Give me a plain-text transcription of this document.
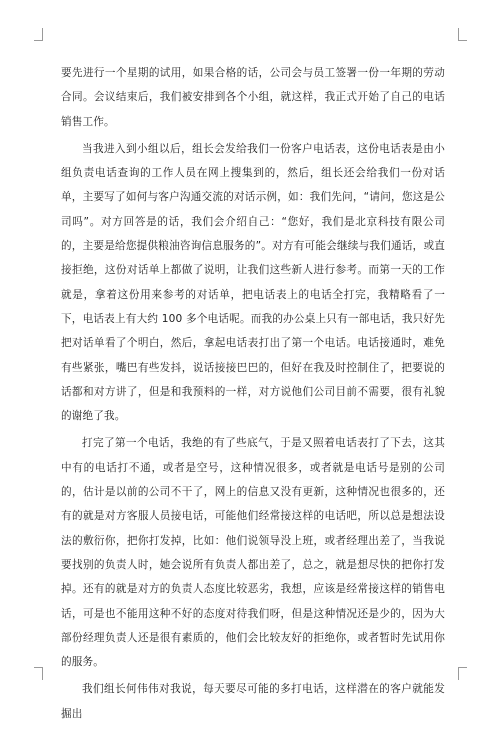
要先进行一个星期的试用，如果合格的话，公司会与员工签署一份一年期的劳动合同。会议结束后，我们被安排到各个小组，就这样，我正式开始了自己的电话销售工作。

当我进入到小组以后，组长会发给我们一份客户电话表，这份电话表是由小组负责电话查询的工作人员在网上搜集到的，然后，组长还会给我们一份对话单，主要写了如何与客户沟通交流的对话示例，如：我们先问，“请问，您这是公司吗”。对方回答是的话，我们会介绍自己：“您好，我们是北京科技有限公司的，主要是给您提供粮油咨询信息服务的”。对方有可能会继续与我们通话，或直接拒绝，这份对话单上都做了说明，让我们这些新人进行参考。而第一天的工作就是，拿着这份用来参考的对话单，把电话表上的电话全打完，我精略看了一下，电话表上有大约 100 多个电话呢。而我的办公桌上只有一部电话，我只好先把对话单看了个明白，然后，拿起电话表打出了第一个电话。电话接通时，难免有些紧张，嘴巴有些发抖，说话接接巴巴的，但好在我及时控制住了，把要说的话都和对方讲了，但是和我预料的一样，对方说他们公司目前不需要，很有礼貌的谢绝了我。

打完了第一个电话，我绝的有了些底气，于是又照着电话表打了下去，这其中有的电话打不通，或者是空号，这种情况很多，或者就是电话号是别的公司的，估计是以前的公司不干了，网上的信息又没有更新，这种情况也很多的，还有的就是对方客服人员接电话，可能他们经常接这样的电话吧，所以总是想法设法的敷衍你，把你打发掉，比如：他们说领导没上班，或者经理出差了，当我说要找别的负责人时，她会说所有负责人都出差了，总之，就是想尽快的把你打发掉。还有的就是对方的负责人态度比较恶劣，我想，应该是经常接这样的销售电话，可是也不能用这种不好的态度对待我们呀，但是这种情况还是少的，因为大部份经理负责人还是很有素质的，他们会比较友好的拒绝你，或者暂时先试用你的服务。

我们组长何伟伟对我说，每天要尽可能的多打电话，这样潜在的客户就能发掘出
